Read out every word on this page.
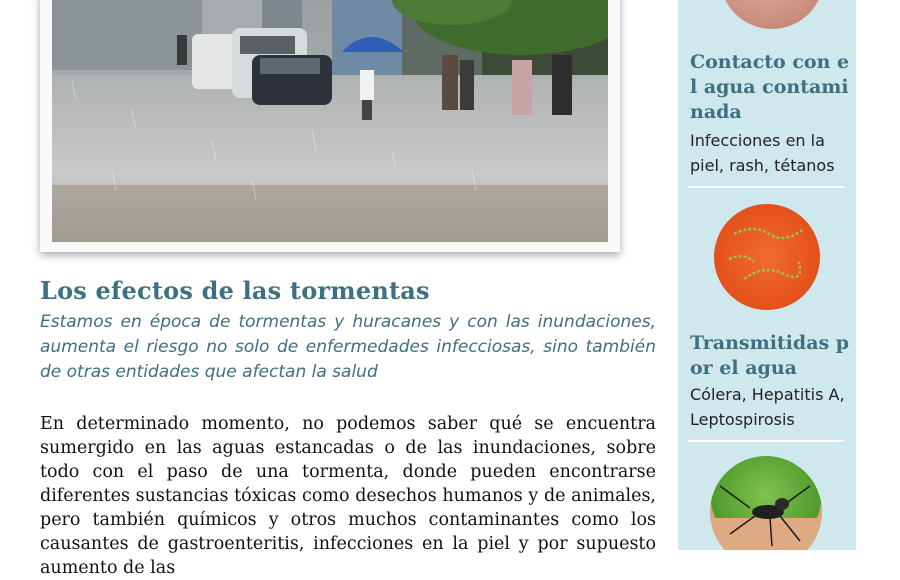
Los efectos de las tormentas

Estamos en época de tormentas y huracanes y con las inundaciones, aumenta el riesgo no solo de enfermedades infecciosas, sino también de otras entidades que afectan la salud

En determinado momento, no podemos saber qué se encuentra sumergido en las aguas estancadas o de las inundaciones, sobre todo con el paso de una tormenta, donde pueden encontrarse diferentes sustancias tóxicas como desechos humanos y de animales, pero también químicos y otros muchos contaminantes como los causantes de gastroenteritis, infecciones en la piel y por supuesto aumento de las

Contacto con el agua contaminada

Infecciones en la piel, rash, tétanos

Transmitidas por el agua

Cólera, Hepatitis A, Leptospirosis
